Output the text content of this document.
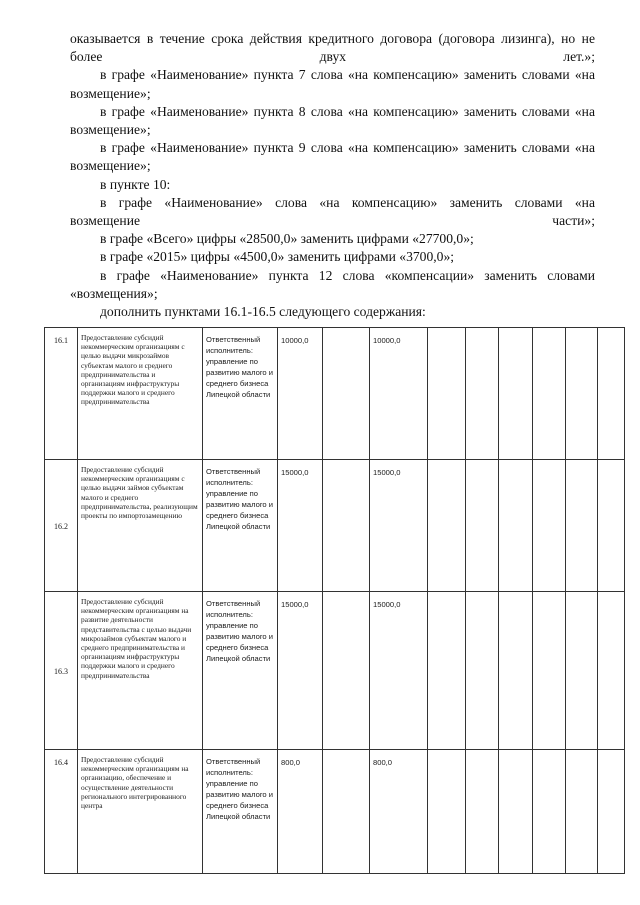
оказывается в течение срока действия кредитного договора (договора лизинга), но не более двух лет.»;

в графе «Наименование» пункта 7 слова «на компенсацию» заменить словами «на возмещение»;

в графе «Наименование» пункта 8 слова «на компенсацию» заменить словами «на возмещение»;

в графе «Наименование» пункта 9 слова «на компенсацию» заменить словами «на возмещение»;

в пункте 10:

в графе «Наименование» слова «на компенсацию» заменить словами «на возмещение части»;

в графе «Всего» цифры «28500,0» заменить цифрами «27700,0»;

в графе «2015» цифры «4500,0» заменить цифрами «3700,0»;

в графе «Наименование» пункта 12 слова «компенсации» заменить словами «возмещения»;

дополнить пунктами 16.1-16.5 следующего содержания:

16.1	Предоставление субсидий некоммерческим организациям с целью выдачи микрозаймов субъектам малого и среднего предпринимательства и организациям инфраструктуры поддержки малого и среднего предпринимательства	Ответственный исполнитель: управление по развитию малого и среднего бизнеса Липецкой области	10000,0		10000,0						
16.2	Предоставление субсидий некоммерческим организациям с целью выдачи займов субъектам малого и среднего предпринимательства, реализующим проекты по импортозамещению	Ответственный исполнитель: управление по развитию малого и среднего бизнеса Липецкой области	15000,0		15000,0						
16.3	Предоставление субсидий некоммерческим организациям на развитие деятельности представительства с целью выдачи микрозаймов субъектам малого и среднего предпринимательства и организациям инфраструктуры поддержки малого и среднего предпринимательства	Ответственный исполнитель: управление по развитию малого и среднего бизнеса Липецкой области	15000,0		15000,0						
16.4	Предоставление субсидий некоммерческим организациям на организацию, обеспечение и осуществление деятельности регионального интегрированного центра	Ответственный исполнитель: управление по развитию малого и среднего бизнеса Липецкой области	800,0		800,0						
